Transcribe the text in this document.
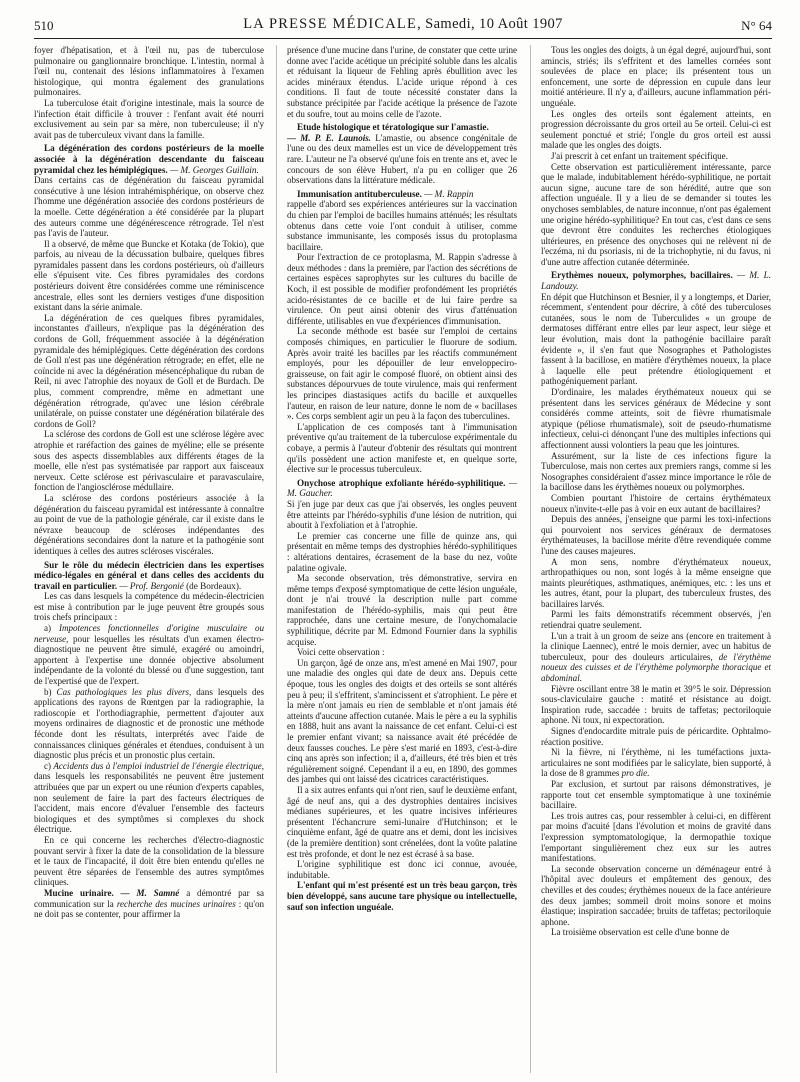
510	LA PRESSE MÉDICALE, Samedi, 10 Août 1907	N° 64

foyer d'hépatisation, et à l'œil nu, pas de tuberculose pulmonaire ou ganglionnaire bronchique. L'intestin, normal à l'œil nu, contenait des lésions inflammatoires à l'examen histologique, qui montra également des granulations pulmonaires.

La tuberculose était d'origine intestinale, mais la source de l'infection était difficile à trouver : l'enfant avait été nourri exclusivement au sein par sa mère, non tuberculeuse; il n'y avait pas de tuberculeux vivant dans la famille.

La dégénération des cordons postérieurs de la moelle associée à la dégénération descendante du faisceau pyramidal chez les hémiplégiques. — M. Georges Guillain.

Dans certains cas de dégénération du faisceau pyramidal consécutive à une lésion intrahémisphérique, on observe chez l'homme une dégénération associée des cordons postérieurs de la moelle. Cette dégénération a été considérée par la plupart des auteurs comme une dégénérescence rétrograde. Tel n'est pas l'avis de l'auteur.

Il a observé, de même que Buncke et Kotaka (de Tokio), que parfois, au niveau de la décussation bulbaire, quelques fibres pyramidales passent dans les cordons postérieurs, où d'ailleurs elle s'épuisent vite. Ces fibres pyramidales des cordons postérieurs doivent être considérées comme une réminiscence ancestrale, elles sont les derniers vestiges d'une disposition existant dans la série animale.

La dégénération de ces quelques fibres pyramidales, inconstantes d'ailleurs, n'explique pas la dégénération des cordons de Goll, fréquemment associée à la dégénération pyramidale des hémiplégiques. Cette dégénération des cordons de Goll n'est pas une dégénération rétrograde; en effet, elle ne coïncide ni avec la dégénération mésencéphalique du ruban de Reil, ni avec l'atrophie des noyaux de Goll et de Burdach. De plus, comment comprendre, même en admettant une dégénération rétrograde, qu'avec une lésion cérébrale unilatérale, on puisse constater une dégénération bilatérale des cordons de Goll?

La sclérose des cordons de Goll est une sclérose légère avec atrophie et raréfaction des gaines de myéline; elle se présente sous des aspects dissemblables aux différents étages de la moelle, elle n'est pas systématisée par rapport aux faisceaux nerveux. Cette sclérose est périvasculaire et paravasculaire, fonction de l'angiosclérose médullaire.

La sclérose des cordons postérieurs associée à la dégénération du faisceau pyramidal est intéressante à connaître au point de vue de la pathologie générale, car il existe dans le névraxe beaucoup de scléroses indépendantes des dégénérations secondaires dont la nature et la pathogénie sont identiques à celles des autres scléroses viscérales.

Sur le rôle du médecin électricien dans les expertises médico-légales en général et dans celles des accidents du travail en particulier. — Prof. Bergonié (de Bordeaux).

Les cas dans lesquels la compétence du médecin-électricien est mise à contribution par le juge peuvent être groupés sous trois chefs principaux :

a) Impotences fonctionnelles d'origine musculaire ou nerveuse, pour lesquelles les résultats d'un examen électro-diagnostique ne peuvent être simulé, exagéré ou amoindri, apportent à l'expertise une donnée objective absolument indépendante de la volonté du blessé ou d'une suggestion, tant de l'expertisé que de l'expert.

b) Cas pathologiques les plus divers, dans lesquels des applications des rayons de Rœntgen par la radiographie, la radioscopie et l'orthodiagraphie, permettent d'ajouter aux moyens ordinaires de diagnostic et de pronostic une méthode féconde dont les résultats, interprétés avec l'aide de connaissances cliniques générales et étendues, conduisent à un diagnostic plus précis et un pronostic plus certain.

c) Accidents dus à l'emploi industriel de l'énergie électrique, dans lesquels les responsabilités ne peuvent être justement attribuées que par un expert ou une réunion d'experts capables, non seulement de faire la part des facteurs électriques de l'accident, mais encore d'évaluer l'ensemble des facteurs biologiques et des symptômes si complexes du shock électrique.

En ce qui concerne les recherches d'électro-diagnostic pouvant servir à fixer la date de la consolidation de la blessure et le taux de l'incapacité, il doit être bien entendu qu'elles ne peuvent être séparées de l'ensemble des autres symptômes cliniques.

Mucine urinaire. — M. Samné a démontré par sa communication sur la recherche des mucines urinaires : qu'on ne doit pas se contenter, pour affirmer la

présence d'une mucine dans l'urine, de constater que cette urine donne avec l'acide acétique un précipité soluble dans les alcalis et réduisant la liqueur de Fehling après ébullition avec les acides minéraux étendus. L'acide urique répond à ces conditions. Il faut de toute nécessité constater dans la substance précipitée par l'acide acétique la présence de l'azote et du soufre, tout au moins celle de l'azote.

Etude histologique et tératologique sur l'amastie.

— M. P. E. Launois. L'amastie, ou absence congénitale de l'une ou des deux mamelles est un vice de développement très rare. L'auteur ne l'a observé qu'une fois en trente ans et, avec le concours de son élève Hubert, n'a pu en colliger que 26 observations dans la littérature médicale.

Immunisation antituberculeuse. — M. Rappin

rappelle d'abord ses expériences antérieures sur la vaccination du chien par l'emploi de bacilles humains atténués; les résultats obtenus dans cette voie l'ont conduit à utiliser, comme substance immunisante, les composés issus du protoplasma bacillaire.

Pour l'extraction de ce protoplasma, M. Rappin s'adresse à deux méthodes : dans la première, par l'action des sécrétions de certaines espèces saprophytes sur les cultures du bacille de Koch, il est possible de modifier profondément les propriétés acido-résistantes de ce bacille et de lui faire perdre sa virulence. On peut ainsi obtenir des virus d'atténuation différente, utilisables en vue d'expériences d'immunisation.

La seconde méthode est basée sur l'emploi de certains composés chimiques, en particulier le fluorure de sodium. Après avoir traité les bacilles par les réactifs communément employés, pour les dépouiller de leur enveloppeciro-graisseuse, on fait agir le composé fluoré, on obtient ainsi des substances dépourvues de toute virulence, mais qui renferment les principes diastasiques actifs du bacille et auxquelles l'auteur, en raison de leur nature, donne le nom de « bacillases ». Ces corps semblent agir un peu à la façon des tuberculines.

L'application de ces composés tant à l'immunisation préventive qu'au traitement de la tuberculose expérimentale du cobaye, a permis à l'auteur d'obtenir des résultats qui montrent qu'ils possèdent une action manifeste et, en quelque sorte, élective sur le processus tuberculeux.

Onychose atrophique exfoliante hérédo-syphilitique. — M. Gaucher.

Si j'en juge par deux cas que j'ai observés, les ongles peuvent être atteints par l'hérédo-syphilis d'une lésion de nutrition, qui aboutit à l'exfoliation et à l'atrophie.

Le premier cas concerne une fille de quinze ans, qui présentait en même temps des dystrophies hérédo-syphilitiques : altérations dentaires, écrasement de la base du nez, voûte palatine ogivale.

Ma seconde observation, très démonstrative, servira en même temps d'exposé symptomatique de cette lésion unguéale, dont je n'ai trouvé la description nulle part comme manifestation de l'hérédo-syphilis, mais qui peut être rapprochée, dans une certaine mesure, de l'onychomalacie syphilitique, décrite par M. Edmond Fournier dans la syphilis acquise.

Voici cette observation :

Un garçon, âgé de onze ans, m'est amené en Mai 1907, pour une maladie des ongles qui date de deux ans. Depuis cette époque, tous les ongles des doigts et des orteils se sont altérés peu à peu; il s'effritent, s'amincissent et s'atrophient. Le père et la mère n'ont jamais eu rien de semblable et n'ont jamais été atteints d'aucune affection cutanée. Mais le père a eu la syphilis en 1888, huit ans avant la naissance de cet enfant. Celui-ci est le premier enfant vivant; sa naissance avait été précédée de deux fausses couches. Le père s'est marié en 1893, c'est-à-dire cinq ans après son infection; il a, d'ailleurs, été très bien et très régulièrement soigné. Cependant il a eu, en 1890, des gommes des jambes qui ont laissé des cicatrices caractéristiques.

Il a six autres enfants qui n'ont rien, sauf le deuxième enfant, âgé de neuf ans, qui a des dystrophies dentaires incisives médianes supérieures, et les quatre incisives inférieures présentent l'échancrure semi-lunaire d'Hutchinson; et le cinquième enfant, âgé de quatre ans et demi, dont les incisives (de la première dentition) sont crénelées, dont la voûte palatine est très profonde, et dont le nez est écrasé à sa base.

L'origine syphilitique est donc ici connue, avouée, indubitable.

L'enfant qui m'est présenté est un très beau garçon, très bien développé, sans aucune tare physique ou intellectuelle, sauf son infection unguéale.

Tous les ongles des doigts, à un égal degré, aujourd'hui, sont amincis, striés; ils s'effritent et des lamelles cornées sont soulevées de place en place; ils présentent tous un enfoncement, une sorte de dépression en cupule dans leur moitié antérieure. Il n'y a, d'ailleurs, aucune inflammation péri-unguéale.

Les ongles des orteils sont également atteints, en progression décroissante du gros orteil au 5e orteil. Celui-ci est seulement ponctué et strié; l'ongle du gros orteil est aussi malade que les ongles des doigts.

J'ai prescrit à cet enfant un traitement spécifique.

Cette observation est particulièrement intéressante, parce que le malade, indubitablement hérédo-syphilitique, ne portait aucun signe, aucune tare de son hérédité, autre que son affection unguéale. Il y a lieu de se demander si toutes les onychoses semblables, de nature inconnue, n'ont pas également une origine hérédo-syphilitique? En tout cas, c'est dans ce sens que devront être conduites les recherches étiologiques ultérieures, en présence des onychoses qui ne relèvent ni de l'eczéma, ni du psoriasis, ni de la trichophytie, ni du favus, ni d'une autre affection cutanée déterminée.

Erythèmes noueux, polymorphes, bacillaires. — M. L. Landouzy.

En dépit que Hutchinson et Besnier, il y a longtemps, et Darier, récemment, s'entendent pour décrire, à côté des tuberculoses cutanées, sous le nom de Tuberculides « un groupe de dermatoses différant entre elles par leur aspect, leur siège et leur évolution, mais dont la pathogénie bacillaire paraît évidente », il s'en faut que Nosographes et Pathologistes fassent à la bacillose, en matière d'érythèmes noueux, la place à laquelle elle peut prétendre étiologiquement et pathogéniquement parlant.

D'ordinaire, les malades érythémateux noueux qui se présentent dans les services généraux de Médecine y sont considérés comme atteints, soit de fièvre rhumatismale atypique (péliose rhumatismale), soit de pseudo-rhumatisme infectieux, celui-ci dénonçant l'une des multiples infections qui affectionnent aussi volontiers la peau que les jointures.

Assurément, sur la liste de ces infections figure la Tuberculose, mais non certes aux premiers rangs, comme si les Nosographes considéraient d'assez mince importance le rôle de la bacillose dans les érythèmes noueux ou polymorphes.

Combien pourtant l'histoire de certains érythémateux noueux n'invite-t-elle pas à voir en eux autant de bacillaires?

Depuis des années, j'enseigne que parmi les toxi-infections qui pourvoient nos services généraux de dermatoses érythémateuses, la bacillose mérite d'être revendiquée comme l'une des causes majeures.

A mon sens, nombre d'érythémateux noueux, arthropathiques ou non, sont logés à la même enseigne que maints pleurétiques, asthmatiques, anémiques, etc. : les uns et les autres, étant, pour la plupart, des tuberculeux frustes, des bacillaires larvés.

Parmi les faits démonstratifs récemment observés, j'en retiendrai quatre seulement.

L'un a trait à un groom de seize ans (encore en traitement à la clinique Laennec), entré le mois dernier, avec un habitus de tuberculeux, pour des douleurs articulaires, de l'érythème noueux des cuisses et de l'érythème polymorphe thoracique et abdominal.

Fièvre oscillant entre 38 le matin et 39°5 le soir. Dépression sous-claviculaire gauche : matité et résistance au doigt. Inspiration rude, saccadée : bruits de taffetas; pectoriloquie aphone. Ni toux, ni expectoration.

Signes d'endocardite mitrale puis de péricardite. Ophtalmo-réaction positive.

Ni la fièvre, ni l'érythème, ni les tuméfactions juxta-articulaires ne sont modifiées par le salicylate, bien supporté, à la dose de 8 grammes pro die.

Par exclusion, et surtout par raisons démonstratives, je rapporte tout cet ensemble symptomatique à une toxinémie bacillaire.

Les trois autres cas, pour ressembler à celui-ci, en diffèrent par moins d'acuité [dans l'évolution et moins de gravité dans l'expression symptomatologique, la dermopathie toxique l'emportant singulièrement chez eux sur les autres manifestations.

La seconde observation concerne un déménageur entré à l'hôpital avec douleurs et empâtement des genoux, des chevilles et des coudes; érythèmes noueux de la face antérieure des deux jambes; sommeil droit moins sonore et moins élastique; inspiration saccadée; bruits de taffetas; pectoriloquie aphone.

La troisième observation est celle d'une bonne de
